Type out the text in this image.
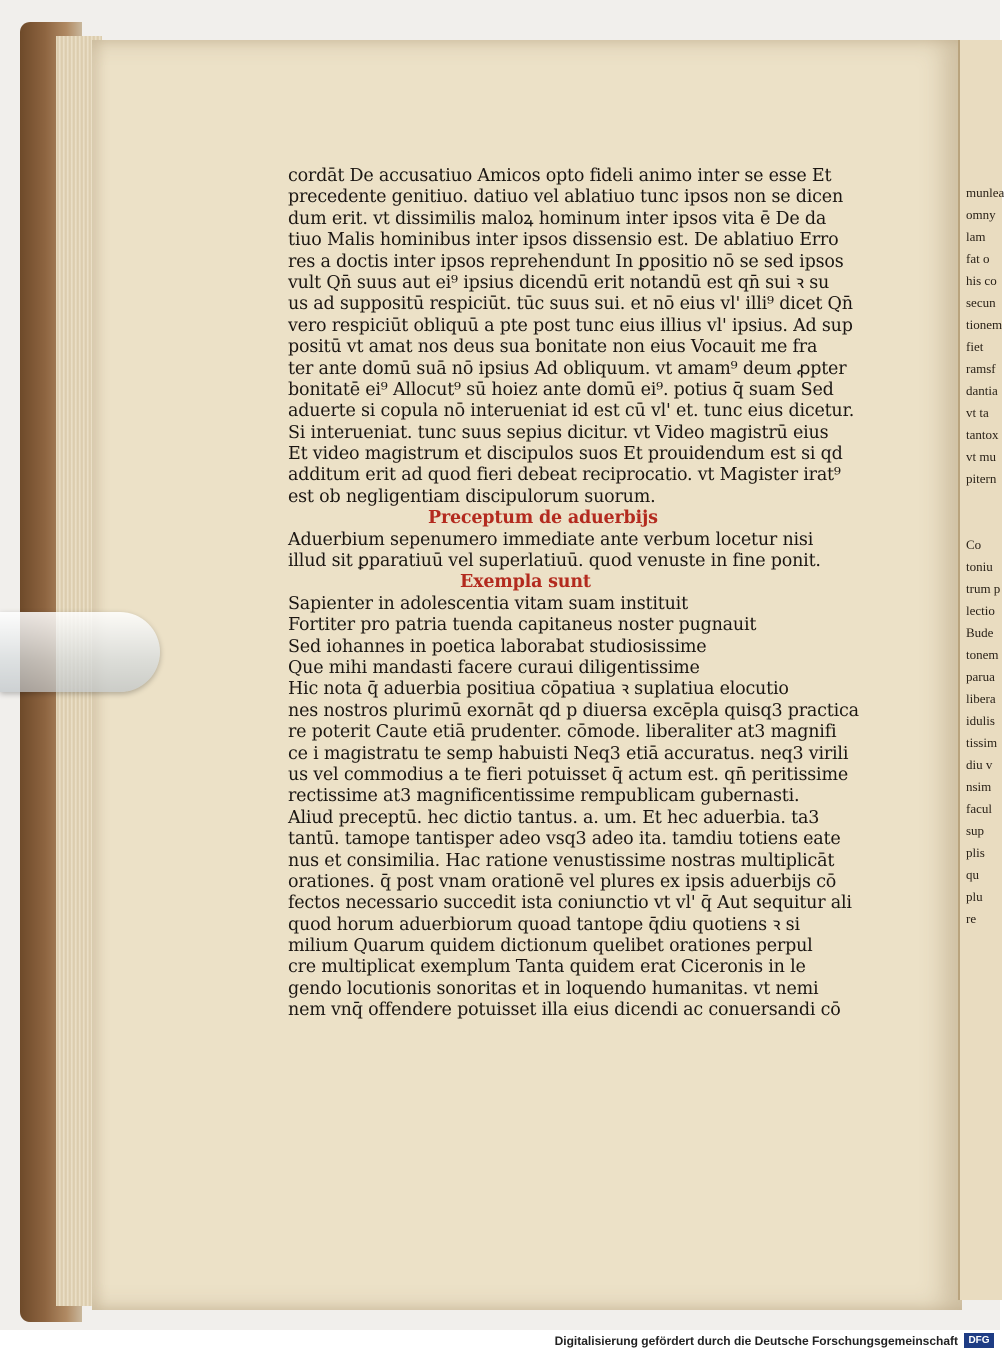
munlea
omny
lam
fat o
his co
secun
tionem
fiet
ramsf
dantia
vt ta
tantox
vt mu
pitern

Co
toniu
trum p
lectio
Bude
tonem
parua
libera
idulis
tissim
diu v
nsim
facul
sup
plis
qu
plu
re
cordāt De accusatiuo Amicos opto fideli animo inter se esse Et
precedente genitiuo. datiuo vel ablatiuo tunc ipsos non se dicen
dum erit. vt dissimilis maloꝝ hominum inter ipsos vita ē De da
tiuo Malis hominibus inter ipsos dissensio est. De ablatiuo Erro
res a doctis inter ipsos reprehendunt In ꝑpositio nō se sed ipsos
vult Qn̄ suus aut ei⁹ ipsius dicendū erit notandū est qn̄ sui ꝛ su
us ad suppositū respiciūt. tūc suus sui. et nō eius vl' illi⁹ dicet Qn̄
vero respiciūt obliquū a pte post tunc eius illius vl' ipsius. Ad sup
positū vt amat nos deus sua bonitate non eius Vocauit me fra
ter ante domū suā nō ipsius Ad obliquum. vt amam⁹ deum ꝓpter
bonitatē ei⁹ Allocut⁹ sū hoiez ante domū ei⁹. potius q̄ suam Sed
aduerte si copula nō interueniat id est cū vl' et. tunc eius dicetur.
Si interueniat. tunc suus sepius dicitur. vt Video magistrū eius
Et video magistrum et discipulos suos Et prouidendum est si qd
additum erit ad quod fieri debeat reciprocatio. vt Magister irat⁹
est ob negligentiam discipulorum suorum.
Preceptum de aduerbijs
Aduerbium sepenumero immediate ante verbum locetur nisi
illud sit ꝑparatiuū vel superlatiuū. quod venuste in fine ponit.
Exempla sunt
Sapienter in adolescentia vitam suam instituit
Fortiter pro patria tuenda capitaneus noster pugnauit
Sed iohannes in poetica laborabat studiosissime
Que mihi mandasti facere curaui diligentissime
Hic nota q̄ aduerbia positiua cōpatiua ꝛ suplatiua elocutio
nes nostros plurimū exornāt qd p diuersa excēpla quisq3 practica
re poterit Caute etiā prudenter. cōmode. liberaliter at3 magnifi
ce i magistratu te semp habuisti Neq3 etiā accuratus. neq3 virili
us vel commodius a te fieri potuisset q̄ actum est. qn̄ peritissime
rectissime at3 magnificentissime rempublicam gubernasti.
Aliud preceptū. hec dictio tantus. a. um. Et hec aduerbia. ta3
tantū. tamope tantisper adeo vsq3 adeo ita. tamdiu totiens eate
nus et consimilia. Hac ratione venustissime nostras multiplicāt
orationes. q̄ post vnam orationē vel plures ex ipsis aduerbijs cō
fectos necessario succedit ista coniunctio vt vl' q̄ Aut sequitur ali
quod horum aduerbiorum quoad tantope q̄diu quotiens ꝛ si
milium Quarum quidem dictionum quelibet orationes perpul
cre multiplicat exemplum Tanta quidem erat Ciceronis in le
gendo locutionis sonoritas et in loquendo humanitas. vt nemi
nem vnq̄ offendere potuisset illa eius dicendi ac conuersandi cō
Digitalisierung gefördert durch die Deutsche Forschungsgemeinschaft	DFG
